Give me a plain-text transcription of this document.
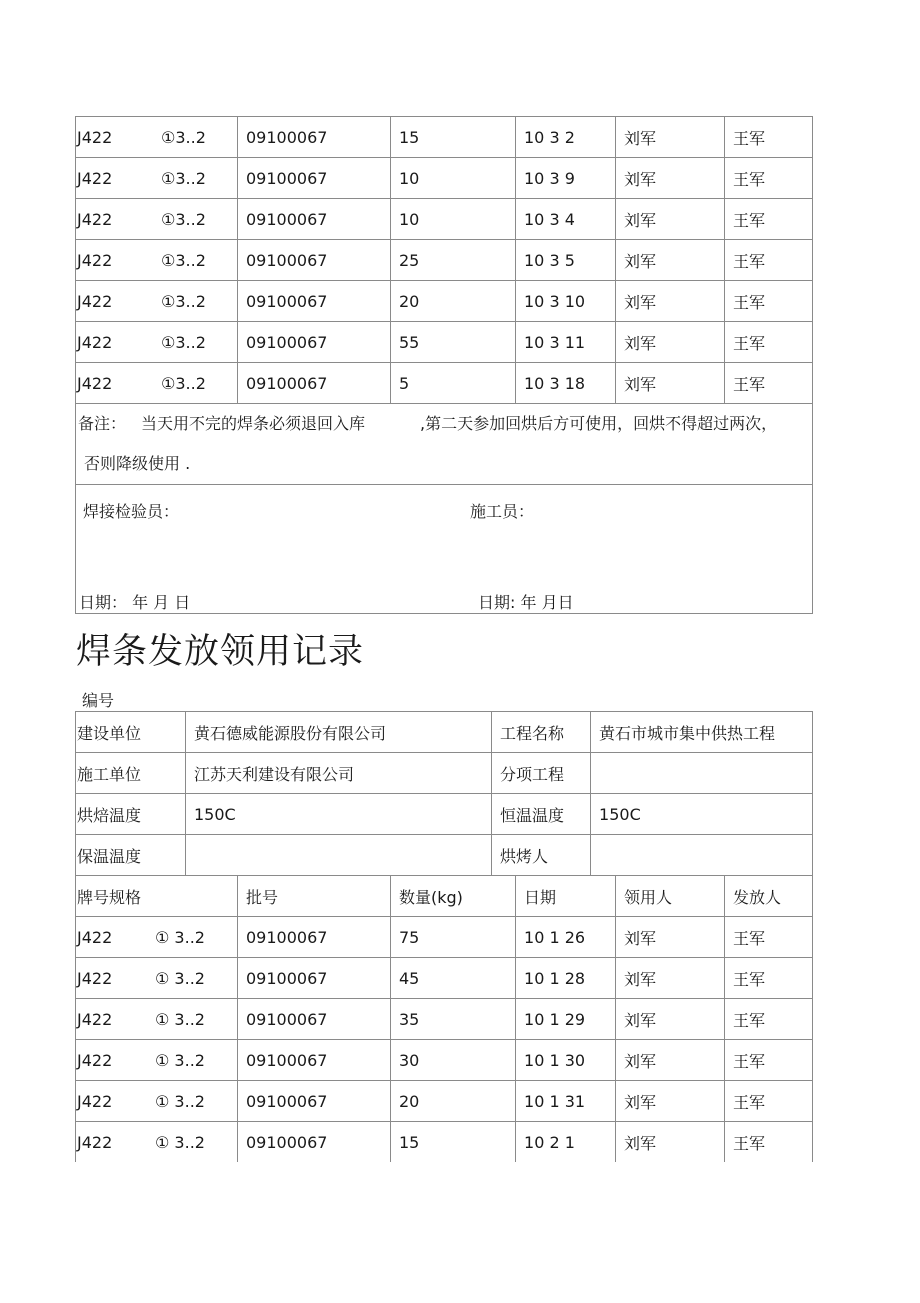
J422 ①3..2	09100067	15	10 3 2	刘军	王军
J422 ①3..2	09100067	10	10 3 9	刘军	王军
J422 ①3..2	09100067	10	10 3 4	刘军	王军
J422 ①3..2	09100067	25	10 3 5	刘军	王军
J422 ①3..2	09100067	20	10 3 10	刘军	王军
J422 ①3..2	09100067	55	10 3 11	刘军	王军
J422 ①3..2	09100067	5	10 3 18	刘军	王军

备注： 当天用不完的焊条必须退回入库 ,第二天参加回烘后方可使用，回烘不得超过两次，
否则降级使用 .					

焊接检验员： 施工员：
日期： 年 月 日 日期: 年 月日					
焊条发放领用记录
编号
建设单位	黄石德威能源股份有限公司			工程名称		黄石市城市集中供热工程		
施工单位	江苏天利建设有限公司			分项工程				
烘焙温度	150C			恒温温度		150C		
保温温度				烘烤人				
牌号规格		批号	数量(kg)		日期		领用人	发放人
J422 ① 3..2		09100067	75		10 1 26		刘军	王军
J422 ① 3..2		09100067	45		10 1 28		刘军	王军
J422 ① 3..2		09100067	35		10 1 29		刘军	王军
J422 ① 3..2		09100067	30		10 1 30		刘军	王军
J422 ① 3..2		09100067	20		10 1 31		刘军	王军
J422 ① 3..2		09100067	15		10 2 1		刘军	王军
